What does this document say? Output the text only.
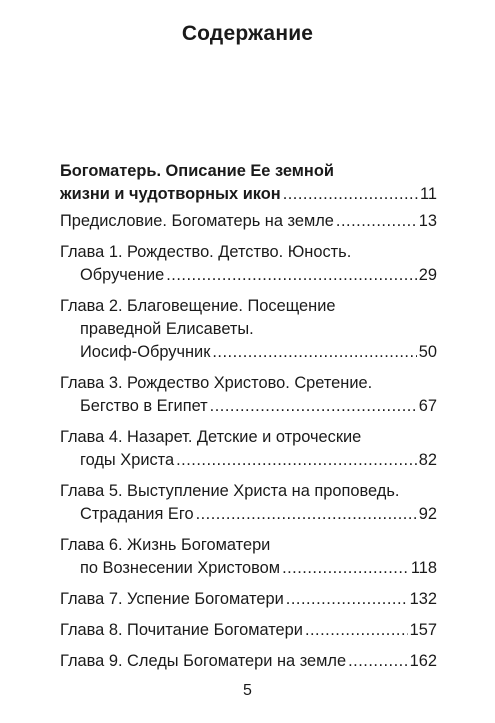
Содержание
Богоматерь. Описание Ее земной
жизни и чудотворных икон .....	11
Предисловие. Богоматерь на земле .....	13
Глава 1. Рождество. Детство. Юность.
Обручение .....	29
Глава 2. Благовещение. Посещение
праведной Елисаветы.
Иосиф-Обручник .....	50
Глава 3. Рождество Христово. Сретение.
Бегство в Египет .....	67
Глава 4. Назарет. Детские и отроческие
годы Христа .....	82
Глава 5. Выступление Христа на проповедь.
Страдания Его .....	92
Глава 6. Жизнь Богоматери
по Вознесении Христовом .....	118
Глава 7. Успение Богоматери .....	132
Глава 8. Почитание Богоматери .....	157
Глава 9. Следы Богоматери на земле .....	162
5
